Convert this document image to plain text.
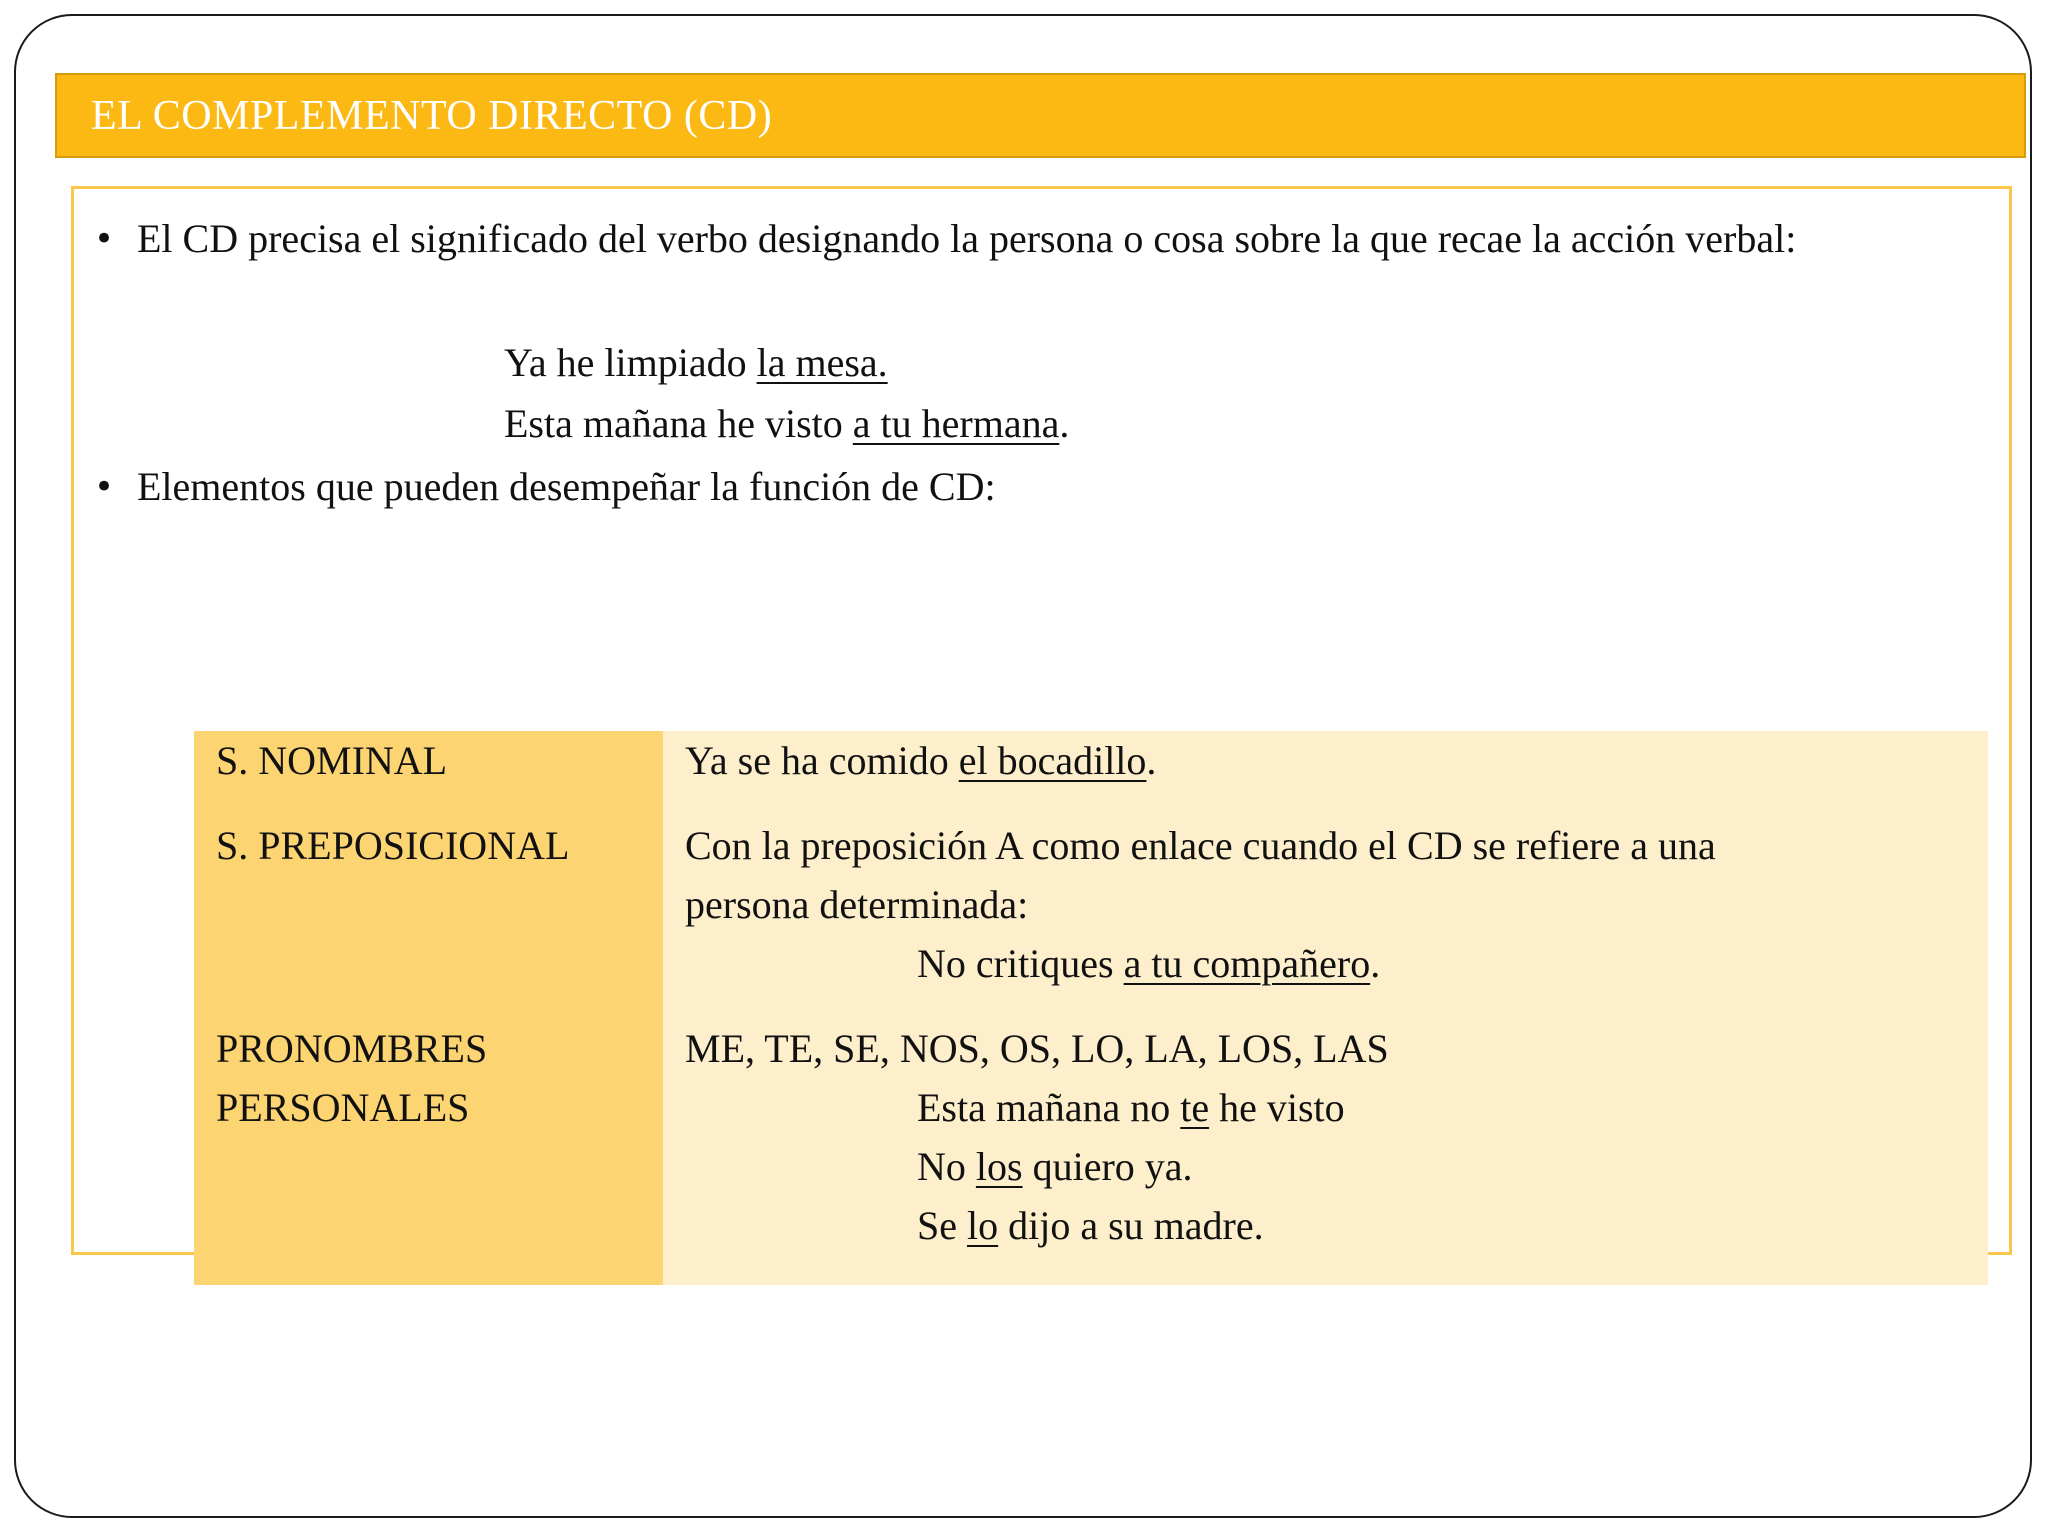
EL COMPLEMENTO DIRECTO (CD)
• El CD precisa el significado del verbo designando la persona o cosa sobre la que recae la acción verbal:
Ya he limpiado la mesa.
Esta mañana he visto a tu hermana.
• Elementos que pueden desempeñar la función de CD:
S. NOMINAL	Ya se ha comido el bocadillo.
S. PREPOSICIONAL	Con la preposición A como enlace cuando el CD se refiere a una
persona determinada:
No critiques a tu compañero.
PRONOMBRES
PERSONALES
ME, TE, SE, NOS, OS, LO, LA, LOS, LAS
Esta mañana no te he visto
No los quiero ya.
Se lo dijo a su madre.
